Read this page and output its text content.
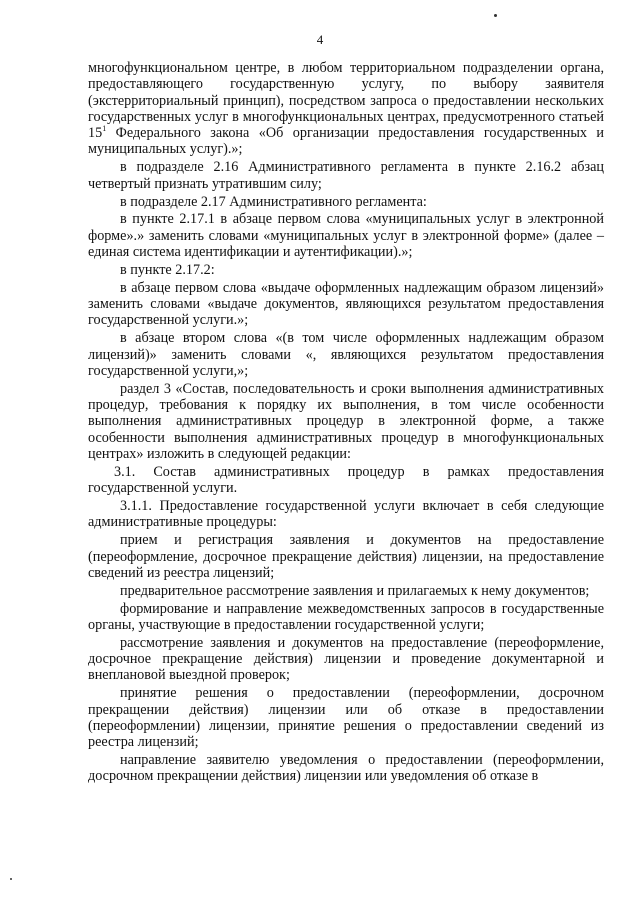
4

многофункциональном центре, в любом территориальном подразделении органа, предоставляющего государственную услугу, по выбору заявителя (экстерриториальный принцип), посредством запроса о предоставлении нескольких государственных услуг в многофункциональных центрах, предусмотренного статьей $15^1$ Федерального закона «Об организации предоставления государственных и муниципальных услуг).»;

в подразделе 2.16 Административного регламента в пункте 2.16.2 абзац четвертый признать утратившим силу;

в подразделе 2.17 Административного регламента:

в пункте 2.17.1 в абзаце первом слова «муниципальных услуг в электронной форме».» заменить словами «муниципальных услуг в электронной форме» (далее – единая система идентификации и аутентификации).»;

в пункте 2.17.2:

в абзаце первом слова «выдаче оформленных надлежащим образом лицензий» заменить словами «выдаче документов, являющихся результатом предоставления государственной услуги.»;

в абзаце втором слова «(в том числе оформленных надлежащим образом лицензий)» заменить словами «, являющихся результатом предоставления государственной услуги,»;

раздел 3 «Состав, последовательность и сроки выполнения административных процедур, требования к порядку их выполнения, в том числе особенности выполнения административных процедур в электронной форме, а также особенности выполнения административных процедур в многофункциональных центрах» изложить в следующей редакции:

3.1. Состав административных процедур в рамках предоставления государственной услуги.

3.1.1. Предоставление государственной услуги включает в себя следующие административные процедуры:

прием и регистрация заявления и документов на предоставление (переоформление, досрочное прекращение действия) лицензии, на предоставление сведений из реестра лицензий;

предварительное рассмотрение заявления и прилагаемых к нему документов;

формирование и направление межведомственных запросов в государственные органы, участвующие в предоставлении государственной услуги;

рассмотрение заявления и документов на предоставление (переоформление, досрочное прекращение действия) лицензии и проведение документарной и внеплановой выездной проверок;

принятие решения о предоставлении (переоформлении, досрочном прекращении действия) лицензии или об отказе в предоставлении (переоформлении) лицензии, принятие решения о предоставлении сведений из реестра лицензий;

направление заявителю уведомления о предоставлении (переоформлении, досрочном прекращении действия) лицензии или уведомления об отказе в
